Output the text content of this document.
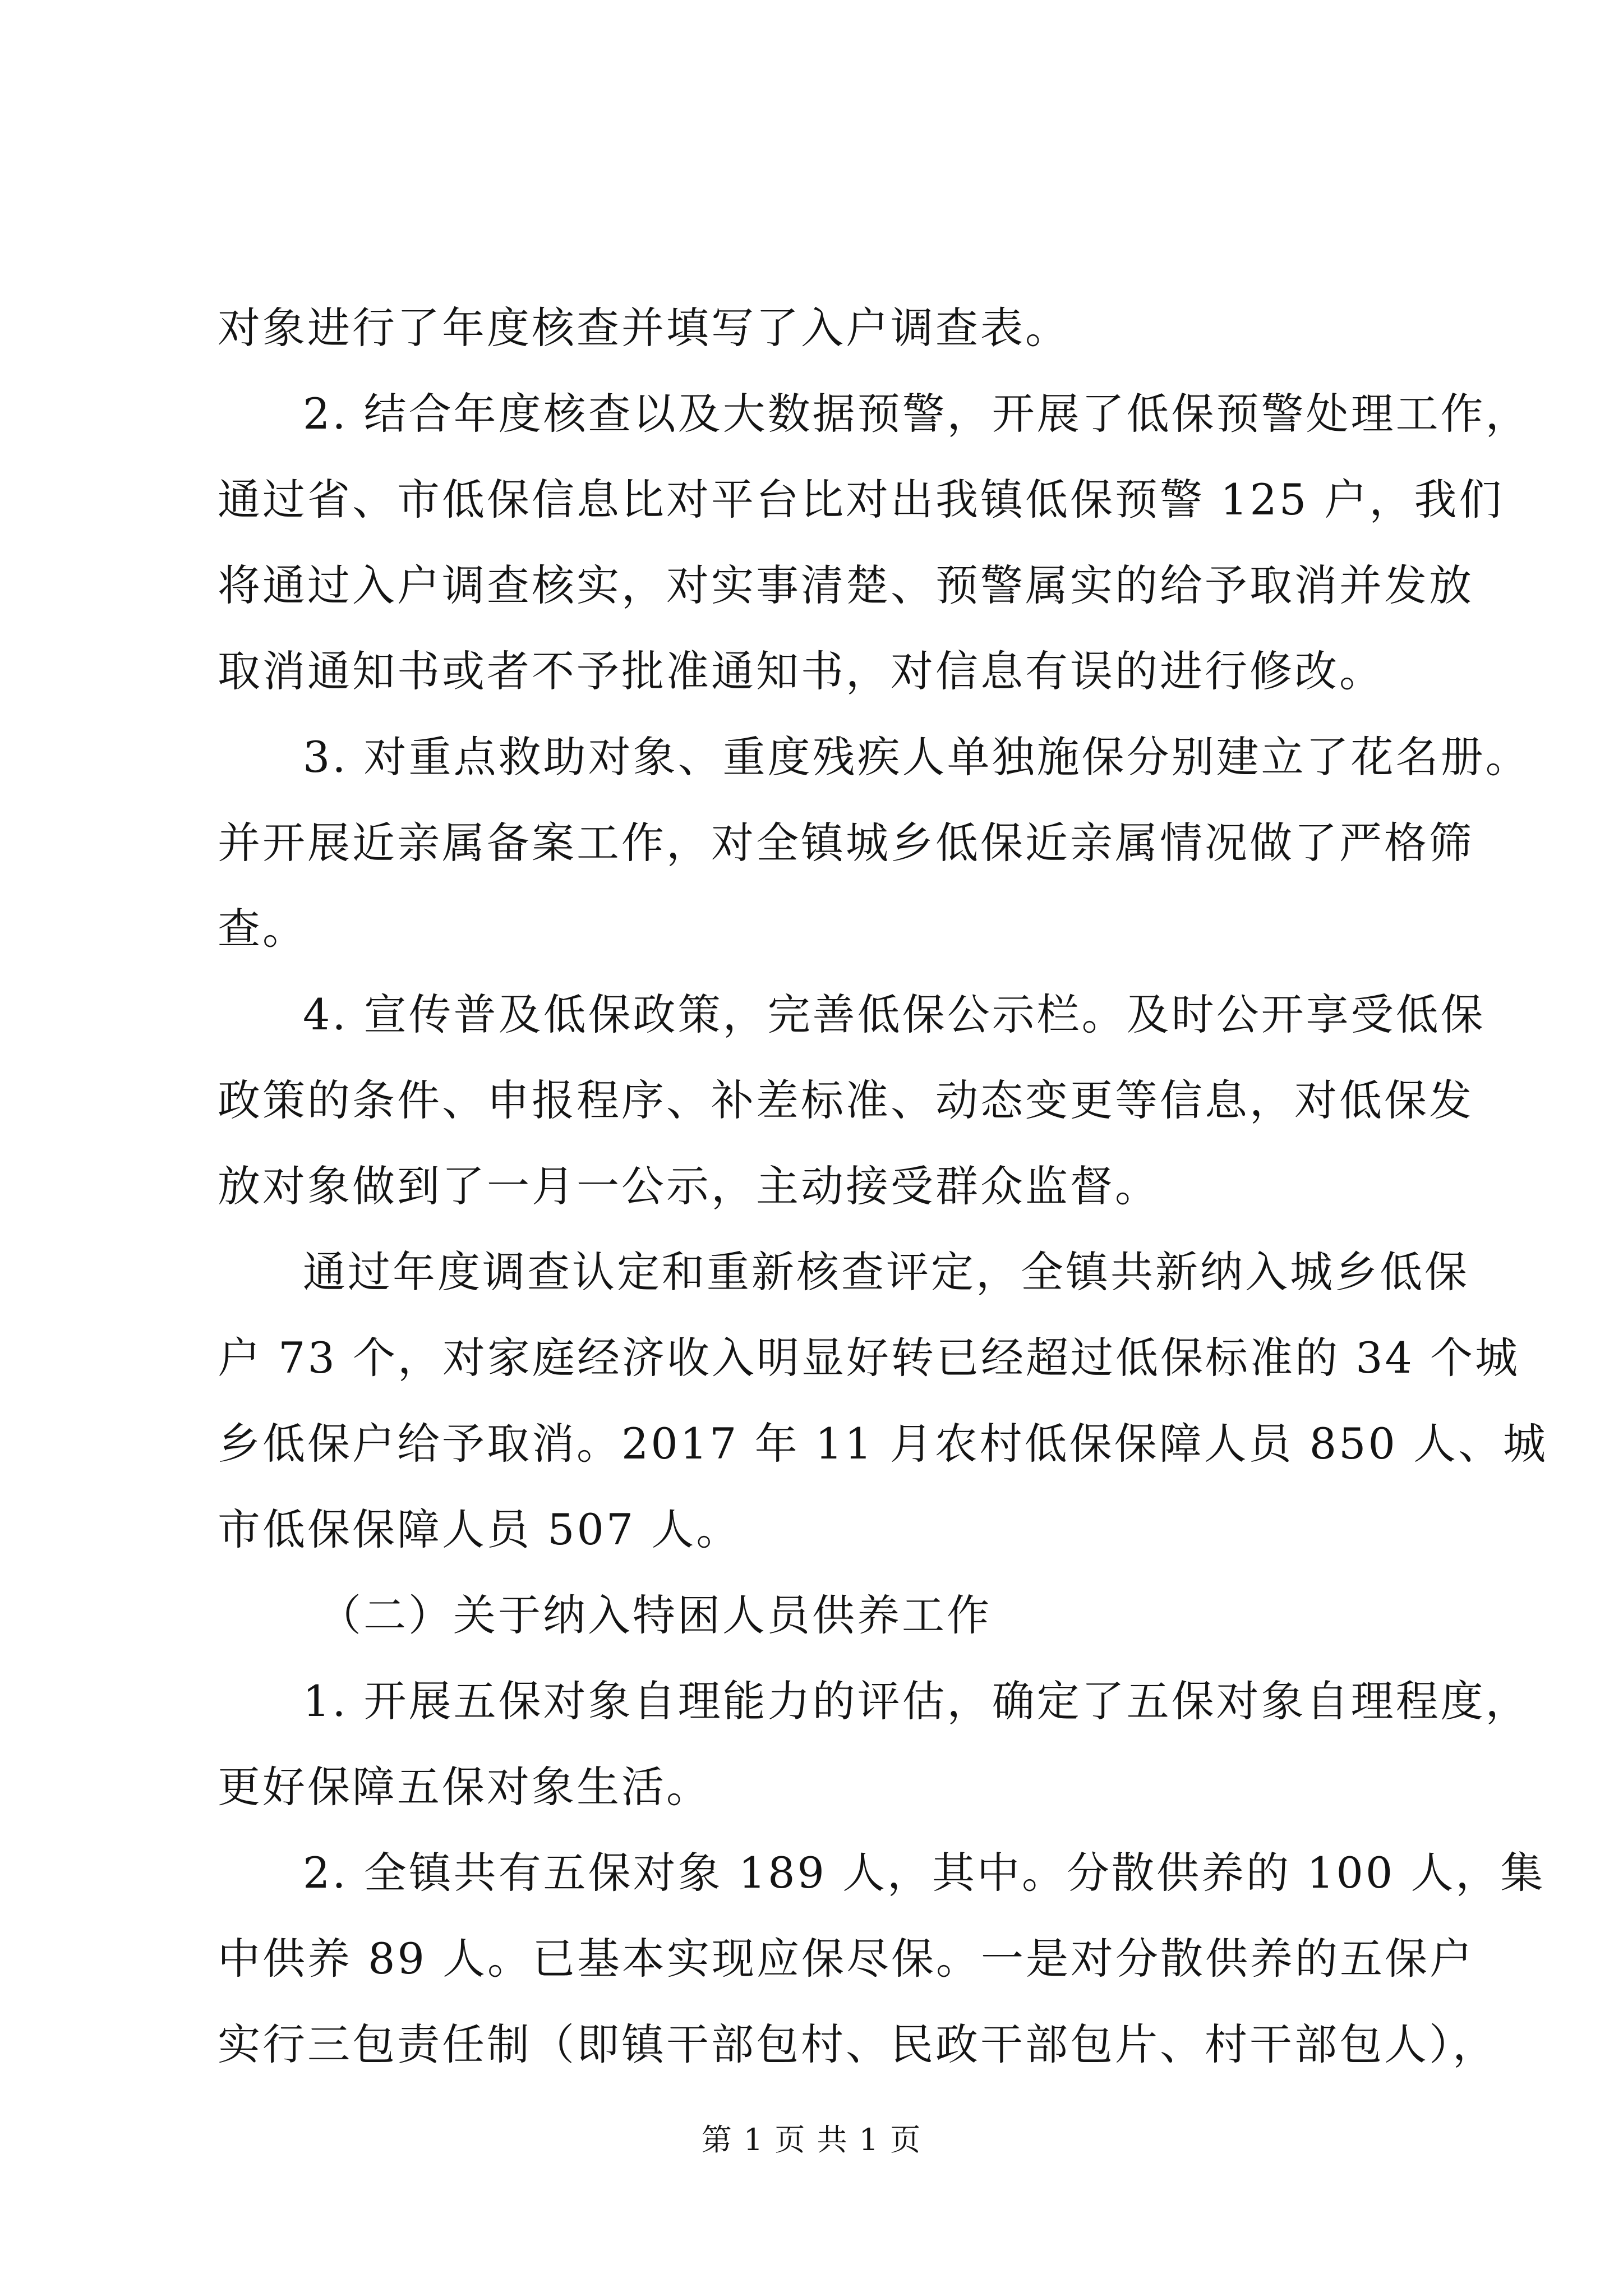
对象进行了年度核查并填写了入户调查表。
2. 结合年度核查以及大数据预警，开展了低保预警处理工作，
通过省、市低保信息比对平台比对出我镇低保预警 125 户，我们
将通过入户调查核实，对实事清楚、预警属实的给予取消并发放
取消通知书或者不予批准通知书，对信息有误的进行修改。
3. 对重点救助对象、重度残疾人单独施保分别建立了花名册。
并开展近亲属备案工作，对全镇城乡低保近亲属情况做了严格筛
查。
4. 宣传普及低保政策，完善低保公示栏。及时公开享受低保
政策的条件、申报程序、补差标准、动态变更等信息，对低保发
放对象做到了一月一公示，主动接受群众监督。
通过年度调查认定和重新核查评定，全镇共新纳入城乡低保
户 73 个，对家庭经济收入明显好转已经超过低保标准的 34 个城
乡低保户给予取消。2017 年 11 月农村低保保障人员 850 人、城
市低保保障人员 507 人。
（二）关于纳入特困人员供养工作
1. 开展五保对象自理能力的评估，确定了五保对象自理程度，
更好保障五保对象生活。
2. 全镇共有五保对象 189 人，其中。分散供养的 100 人，集
中供养 89 人。已基本实现应保尽保。一是对分散供养的五保户
实行三包责任制（即镇干部包村、民政干部包片、村干部包人），
第 1 页 共 1 页
